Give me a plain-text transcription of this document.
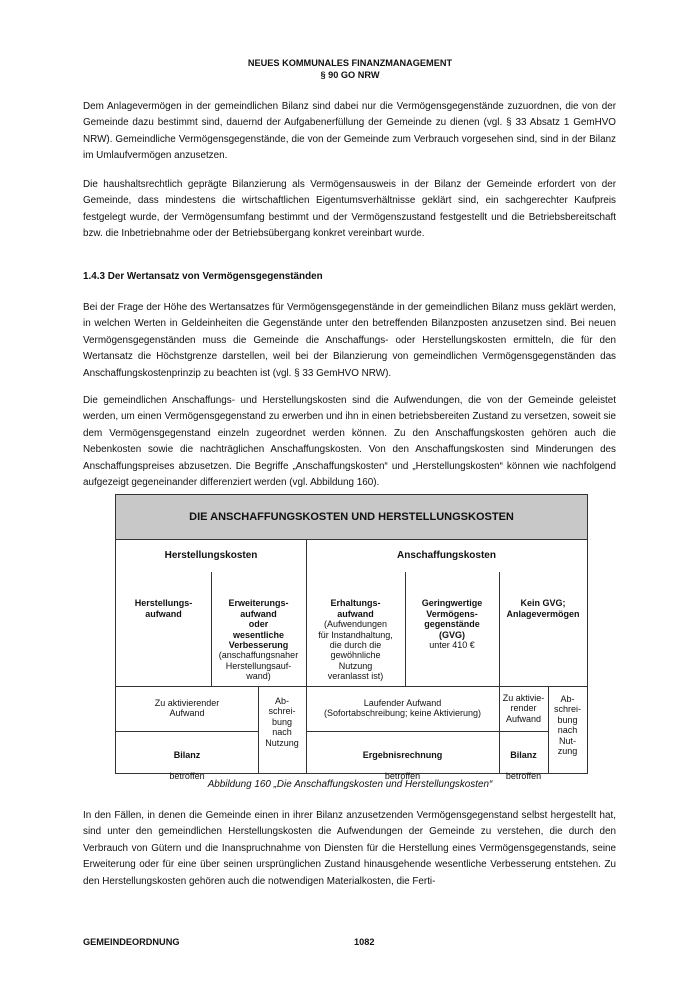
NEUES KOMMUNALES FINANZMANAGEMENT
§ 90 GO NRW

Dem Anlagevermögen in der gemeindlichen Bilanz sind dabei nur die Vermögensgegenstände zuzuordnen, die von der Gemeinde dazu bestimmt sind, dauernd der Aufgabenerfüllung der Gemeinde zu dienen (vgl. § 33 Absatz 1 GemHVO NRW). Gemeindliche Vermögensgegenstände, die von der Gemeinde zum Verbrauch vorgesehen sind, sind in der Bilanz im Umlaufvermögen anzusetzen.

Die haushaltsrechtlich geprägte Bilanzierung als Vermögensausweis in der Bilanz der Gemeinde erfordert von der Gemeinde, dass mindestens die wirtschaftlichen Eigentumsverhältnisse geklärt sind, ein sachgerechter Kaufpreis festgelegt wurde, der Vermögensumfang bestimmt und der Vermögenszustand festgestellt und die Betriebsbereitschaft bzw. die Inbetriebnahme oder der Betriebsübergang konkret vereinbart wurde.

1.4.3 Der Wertansatz von Vermögensgegenständen

Bei der Frage der Höhe des Wertansatzes für Vermögensgegenstände in der gemeindlichen Bilanz muss geklärt werden, in welchen Werten in Geldeinheiten die Gegenstände unter den betreffenden Bilanzposten anzusetzen sind. Bei neuen Vermögensgegenständen muss die Gemeinde die Anschaffungs- oder Herstellungskosten ermitteln, die für den Wertansatz die Höchstgrenze darstellen, weil bei der Bilanzierung von gemeindlichen Vermögensgegenständen das Anschaffungskostenprinzip zu beachten ist (vgl. § 33 GemHVO NRW).

Die gemeindlichen Anschaffungs- und Herstellungskosten sind die Aufwendungen, die von der Gemeinde geleistet werden, um einen Vermögensgegenstand zu erwerben und ihn in einen betriebsbereiten Zustand zu versetzen, soweit sie dem Vermögensgegenstand einzeln zugeordnet werden können. Zu den Anschaffungskosten gehören auch die Nebenkosten sowie die nachträglichen Anschaffungskosten. Von den Anschaffungskosten sind Minderungen des Anschaffungspreises abzusetzen. Die Begriffe „Anschaffungskosten“ und „Herstellungskosten“ können wie nachfolgend aufgezeigt gegeneinander differenziert werden (vgl. Abbildung 160).

DIE ANSCHAFFUNGSKOSTEN UND HERSTELLUNGSKOSTEN
Herstellungskosten	Anschaffungskosten

Herstellungs-
aufwand

Erweiterungs-
aufwand
oder
wesentliche
Verbesserung
(anschaffungsnaher
Herstellungsauf-
wand)

Erhaltungs-
aufwand
(Aufwendungen
für Instandhaltung,
die durch die
gewöhnliche
Nutzung
veranlasst ist)

Geringwertige
Vermögens-
gegenstände
(GVG)
unter 410 €

Kein GVG;
Anlagevermögen

Zu aktivierender
Aufwand
Ab-
schrei-
bung
nach
Nutzung
Laufender Aufwand
(Sofortabschreibung; keine Aktivierung)
Zu aktivie-
render
Aufwand
Ab-
schrei-
bung
nach
Nut-
zung

Bilanz

betroffen

Ergebnisrechnung

betroffen

Bilanz

betroffen

Abbildung 160 „Die Anschaffungskosten und Herstellungskosten“

In den Fällen, in denen die Gemeinde einen in ihrer Bilanz anzusetzenden Vermögensgegenstand selbst hergestellt hat, sind unter den gemeindlichen Herstellungskosten die Aufwendungen der Gemeinde zu verstehen, die durch den Verbrauch von Gütern und die Inanspruchnahme von Diensten für die Herstellung eines Vermögensgegenstands, seine Erweiterung oder für eine über seinen ursprünglichen Zustand hinausgehende wesentliche Verbesserung entstehen. Zu den Herstellungskosten gehören auch die notwendigen Materialkosten, die Ferti-

GEMEINDEORDNUNG	1082
